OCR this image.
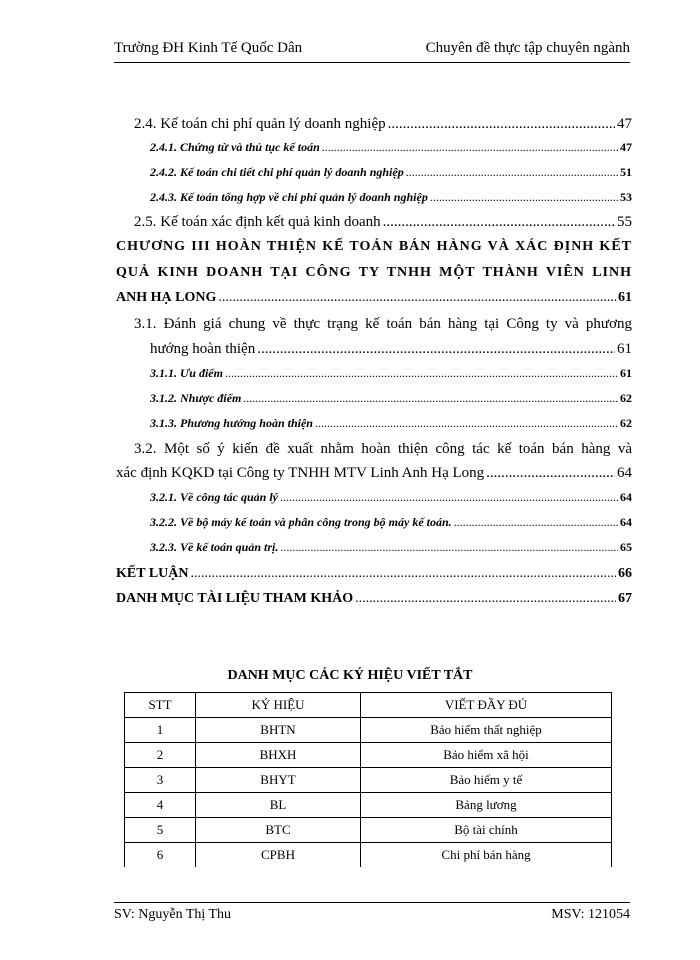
Trường ĐH Kinh Tế Quốc Dân	Chuyên đề thực tập chuyên ngành
2.4. Kế toán chi phí quản lý doanh nghiệp .....	47
2.4.1. Chứng từ và thủ tục kế toán .....	47
2.4.2. Kế toán chi tiết chi phí quản lý doanh nghiệp .....	51
2.4.3. Kế toán tổng hợp về chi phí quản lý doanh nghiệp .....	53
2.5. Kế toán xác định kết quả kinh doanh .....	55
CHƯƠNG III HOÀN THIỆN KẾ TOÁN BÁN HÀNG VÀ XÁC ĐỊNH KẾT
QUẢ KINH DOANH TẠI CÔNG TY TNHH MỘT THÀNH VIÊN LINH
ANH HẠ LONG .....	61
3.1. Đánh giá chung về thực trạng kế toán bán hàng tại Công ty và phương
hướng hoàn thiện .....	61
3.1.1. Ưu điểm .....	61
3.1.2. Nhược điểm .....	62
3.1.3. Phương hướng hoàn thiện .....	62
3.2. Một số ý kiến đề xuất nhằm hoàn thiện công tác kế toán bán hàng và
xác định KQKD tại Công ty TNHH MTV Linh Anh Hạ Long .....	64
3.2.1. Về công tác quản lý .....	64
3.2.2. Về bộ máy kế toán và phân công trong bộ máy kế toán. .....	64
3.2.3. Về kế toán quản trị. .....	65
KẾT LUẬN .....	66
DANH MỤC TÀI LIỆU THAM KHẢO .....	67
DANH MỤC CÁC KÝ HIỆU VIẾT TẮT
STT	KÝ HIỆU	VIẾT ĐẦY ĐỦ
1	BHTN	Bảo hiểm thất nghiệp
2	BHXH	Bảo hiểm xã hội
3	BHYT	Bảo hiểm y tế
4	BL	Bảng lương
5	BTC	Bộ tài chính
6	CPBH	Chi phí bán hàng
SV: Nguyễn Thị Thu	MSV: 121054
